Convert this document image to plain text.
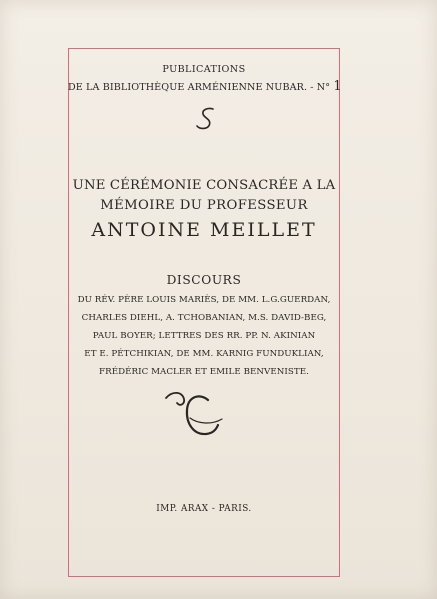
PUBLICATIONS

DE LA BIBLIOTHÈQUE ARMÉNIENNE NUBAR. - N° 1

UNE CÉRÉMONIE CONSACRÉE A LA

MÉMOIRE DU PROFESSEUR

ANTOINE MEILLET

DISCOURS

DU RÉV. PÈRE LOUIS MARIÈS, DE MM. L.G.GUERDAN,

CHARLES DIEHL, A. TCHOBANIAN, M.S. DAVID-BEG,

PAUL BOYER; LETTRES DES RR. PP. N. AKINIAN

ET E. PÉTCHIKIAN, DE MM. KARNIG FUNDUKLIAN,

FRÉDÉRIC MACLER ET EMILE BENVENISTE.

IMP. ARAX - PARIS.
